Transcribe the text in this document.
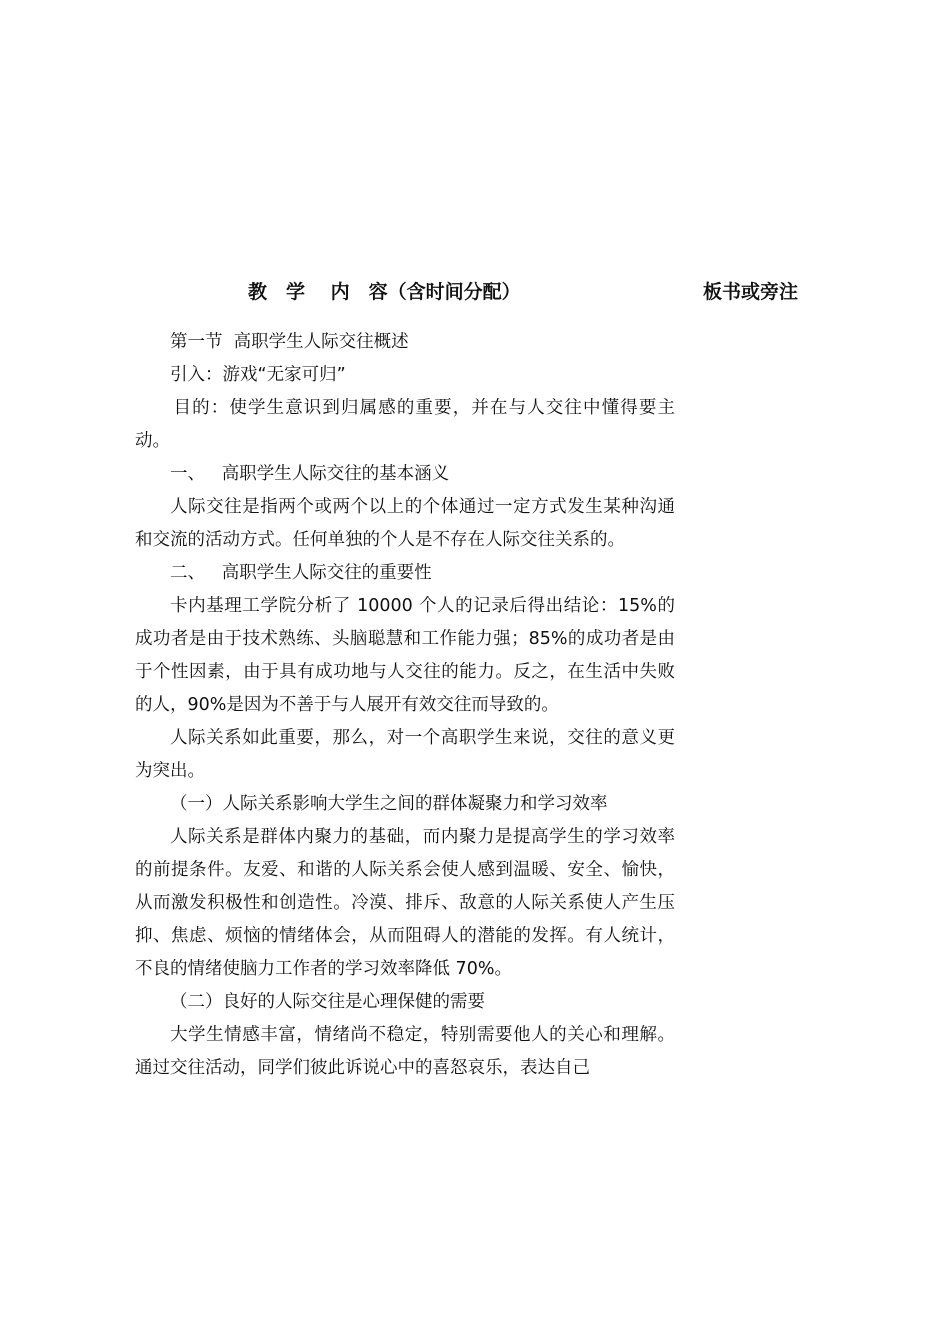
教　学　 内　容（含时间分配）	板书或旁注

第一节  高职学生人际交往概述

引入：游戏“无家可归”

目的：使学生意识到归属感的重要，并在与人交往中懂得要主动。

一、   高职学生人际交往的基本涵义

人际交往是指两个或两个以上的个体通过一定方式发生某种沟通和交流的活动方式。任何单独的个人是不存在人际交往关系的。

二、   高职学生人际交往的重要性

卡内基理工学院分析了 10000 个人的记录后得出结论：15%的成功者是由于技术熟练、头脑聪慧和工作能力强；85%的成功者是由于个性因素，由于具有成功地与人交往的能力。反之，在生活中失败的人，90%是因为不善于与人展开有效交往而导致的。

人际关系如此重要，那么，对一个高职学生来说，交往的意义更为突出。

（一）人际关系影响大学生之间的群体凝聚力和学习效率

人际关系是群体内聚力的基础，而内聚力是提高学生的学习效率的前提条件。友爱、和谐的人际关系会使人感到温暖、安全、愉快，从而激发积极性和创造性。冷漠、排斥、敌意的人际关系使人产生压抑、焦虑、烦恼的情绪体会，从而阻碍人的潜能的发挥。有人统计，不良的情绪使脑力工作者的学习效率降低 70%。

（二）良好的人际交往是心理保健的需要

大学生情感丰富，情绪尚不稳定，特别需要他人的关心和理解。通过交往活动，同学们彼此诉说心中的喜怒哀乐，表达自己
